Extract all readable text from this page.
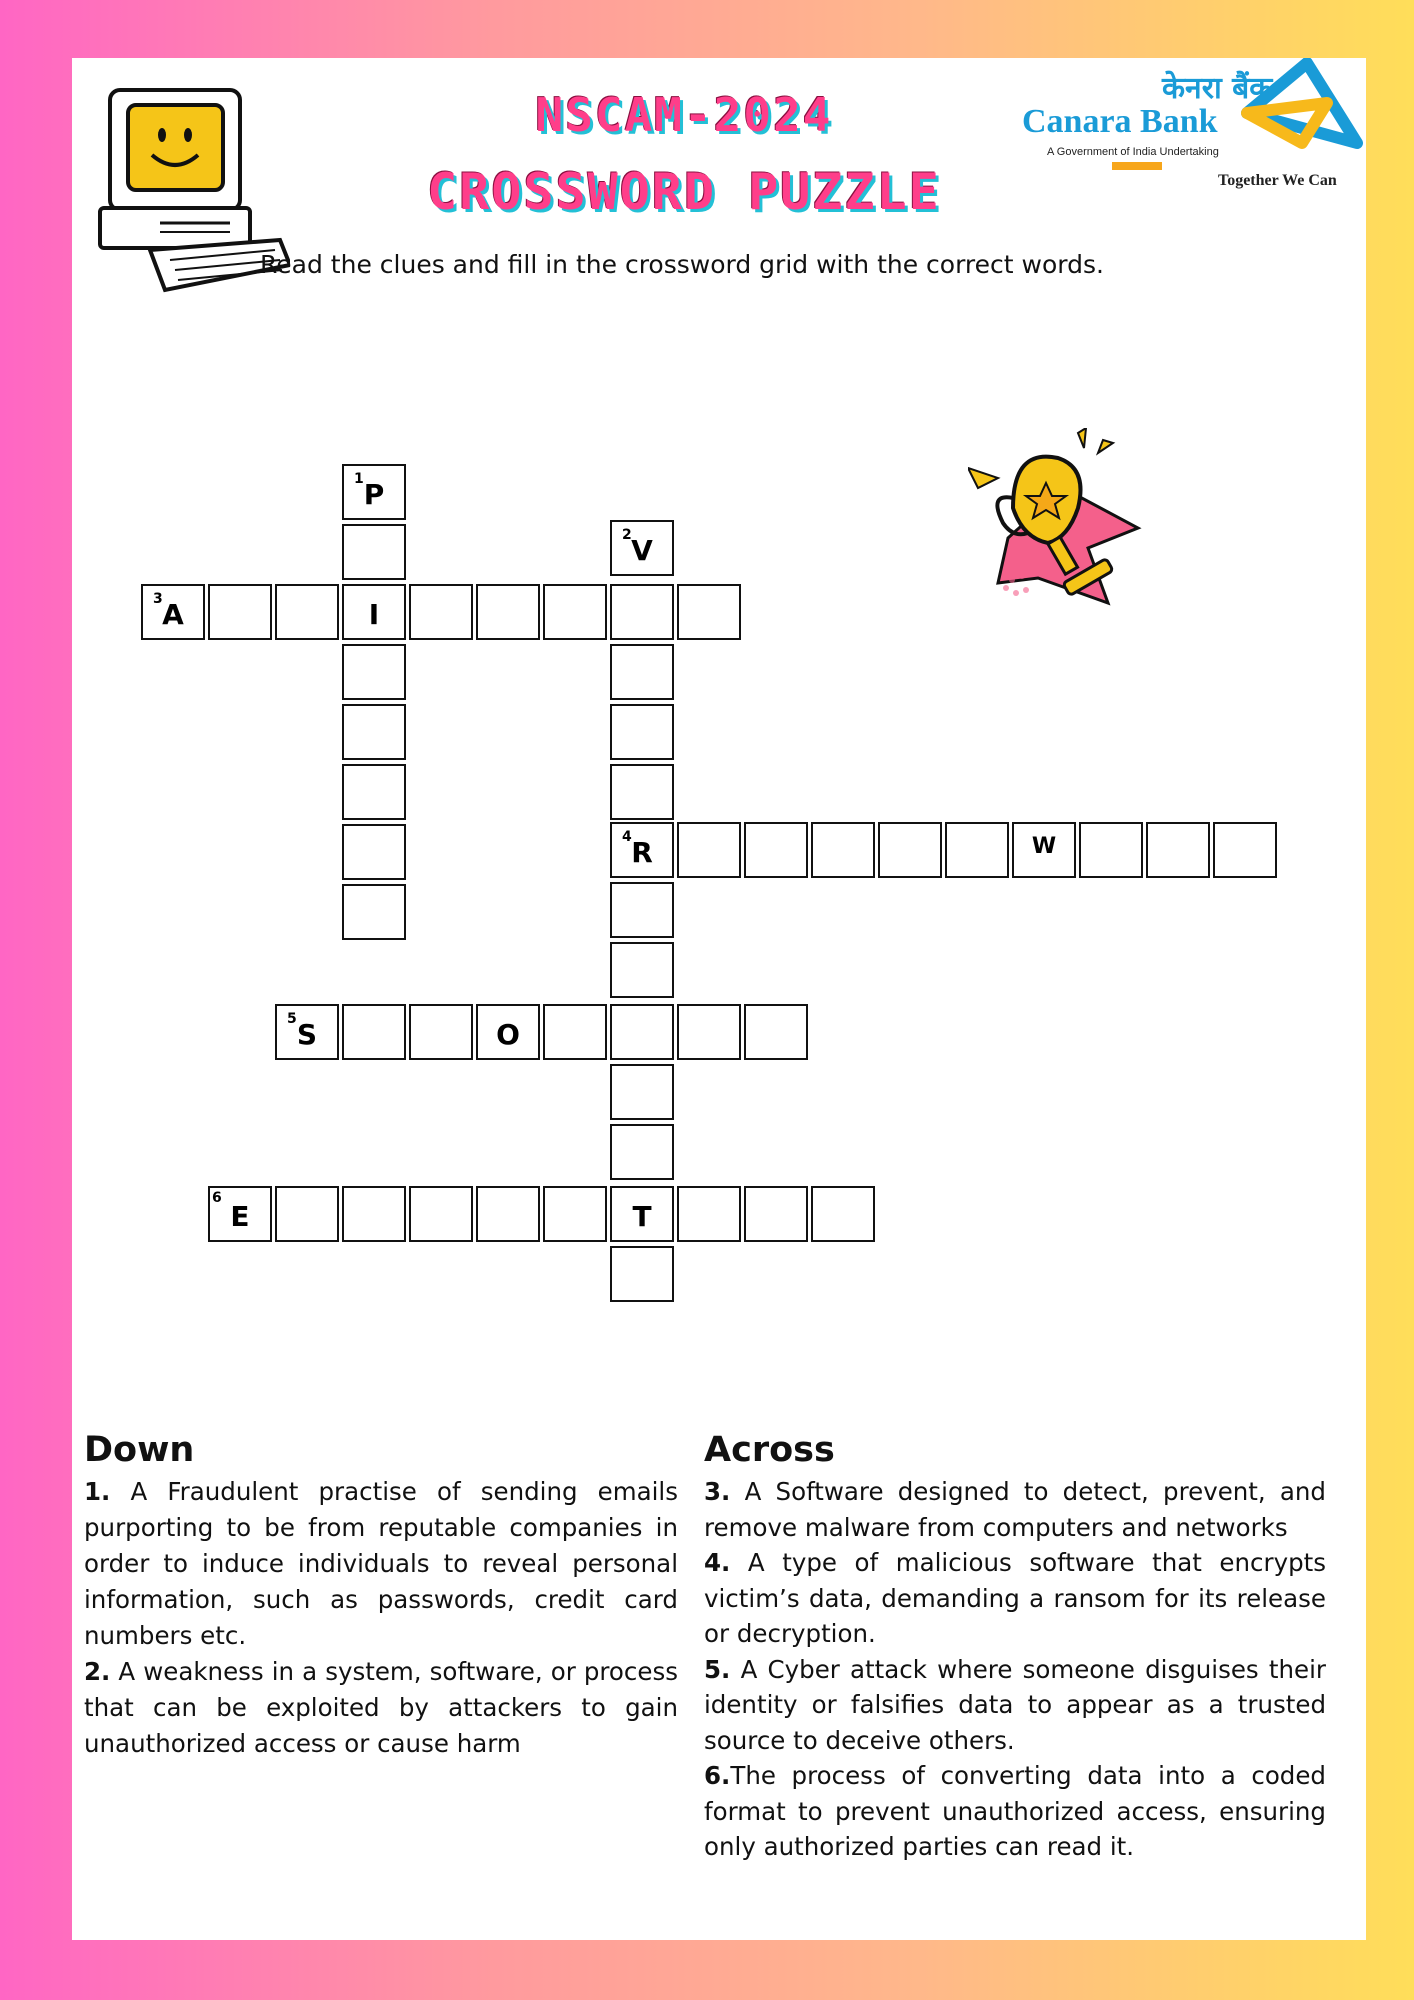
NSCAM-2024
CROSSWORD PUZZLE
Read the clues and fill in the crossword grid with the correct words.
केनरा बैंक
Canara Bank
A Government of India Undertaking
Together We Can
1 P
3 A	I
2 V
4 R	W
5 S	O
6
E	T
Down

1. A Fraudulent practise of sending emails purporting to be from reputable companies in order to induce individuals to reveal personal information, such as passwords, credit card numbers etc.

2. A weakness in a system, software, or process that can be exploited by attackers to gain unauthorized access or cause harm

Across

3. A Software designed to detect, prevent, and remove malware from computers and networks

4. A type of malicious software that encrypts victim’s data, demanding a ransom for its release or decryption.

5. A Cyber attack where someone disguises their identity or falsifies data to appear as a trusted source to deceive others.

6.The process of converting data into a coded format to prevent unauthorized access, ensuring only authorized parties can read it.
